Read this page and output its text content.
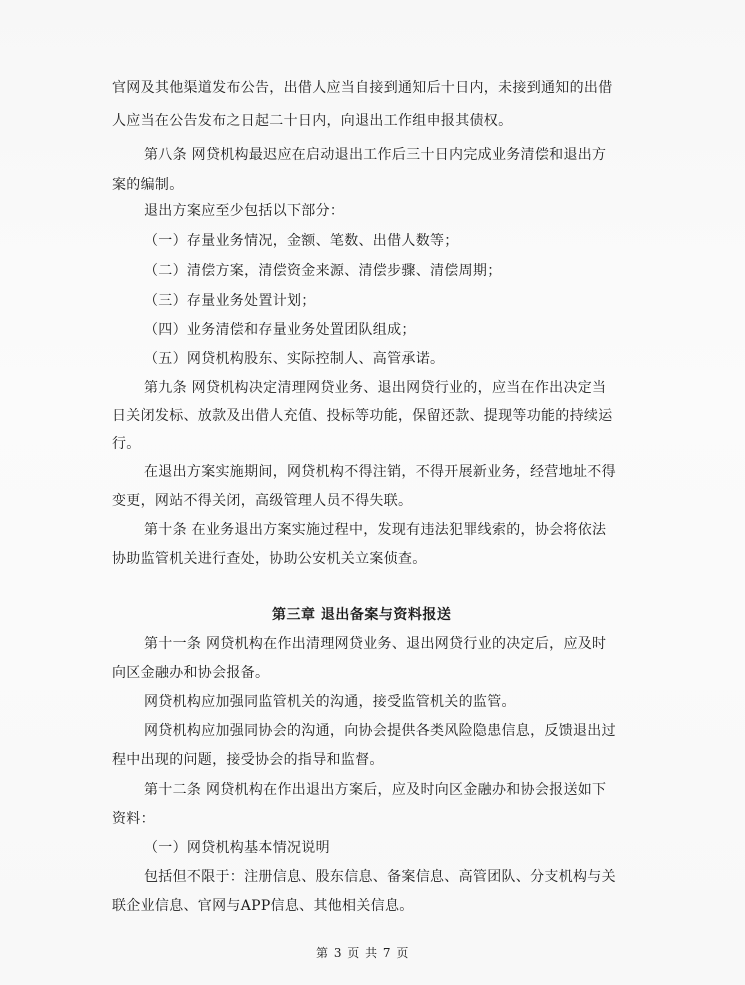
官网及其他渠道发布公告，出借人应当自接到通知后十日内，未接到通知的出借
人应当在公告发布之日起二十日内，向退出工作组申报其债权。
第八条 网贷机构最迟应在启动退出工作后三十日内完成业务清偿和退出方
案的编制。
退出方案应至少包括以下部分：
（一）存量业务情况，金额、笔数、出借人数等；
（二）清偿方案，清偿资金来源、清偿步骤、清偿周期；
（三）存量业务处置计划；
（四）业务清偿和存量业务处置团队组成；
（五）网贷机构股东、实际控制人、高管承诺。
第九条 网贷机构决定清理网贷业务、退出网贷行业的，应当在作出决定当
日关闭发标、放款及出借人充值、投标等功能，保留还款、提现等功能的持续运
行。
在退出方案实施期间，网贷机构不得注销，不得开展新业务，经营地址不得
变更，网站不得关闭，高级管理人员不得失联。
第十条 在业务退出方案实施过程中，发现有违法犯罪线索的，协会将依法
协助监管机关进行查处，协助公安机关立案侦查。
第三章 退出备案与资料报送
第十一条 网贷机构在作出清理网贷业务、退出网贷行业的决定后，应及时
向区金融办和协会报备。
网贷机构应加强同监管机关的沟通，接受监管机关的监管。
网贷机构应加强同协会的沟通，向协会提供各类风险隐患信息，反馈退出过
程中出现的问题，接受协会的指导和监督。
第十二条 网贷机构在作出退出方案后，应及时向区金融办和协会报送如下
资料：
（一）网贷机构基本情况说明
包括但不限于：注册信息、股东信息、备案信息、高管团队、分支机构与关
联企业信息、官网与APP信息、其他相关信息。
第 3 页 共 7 页
